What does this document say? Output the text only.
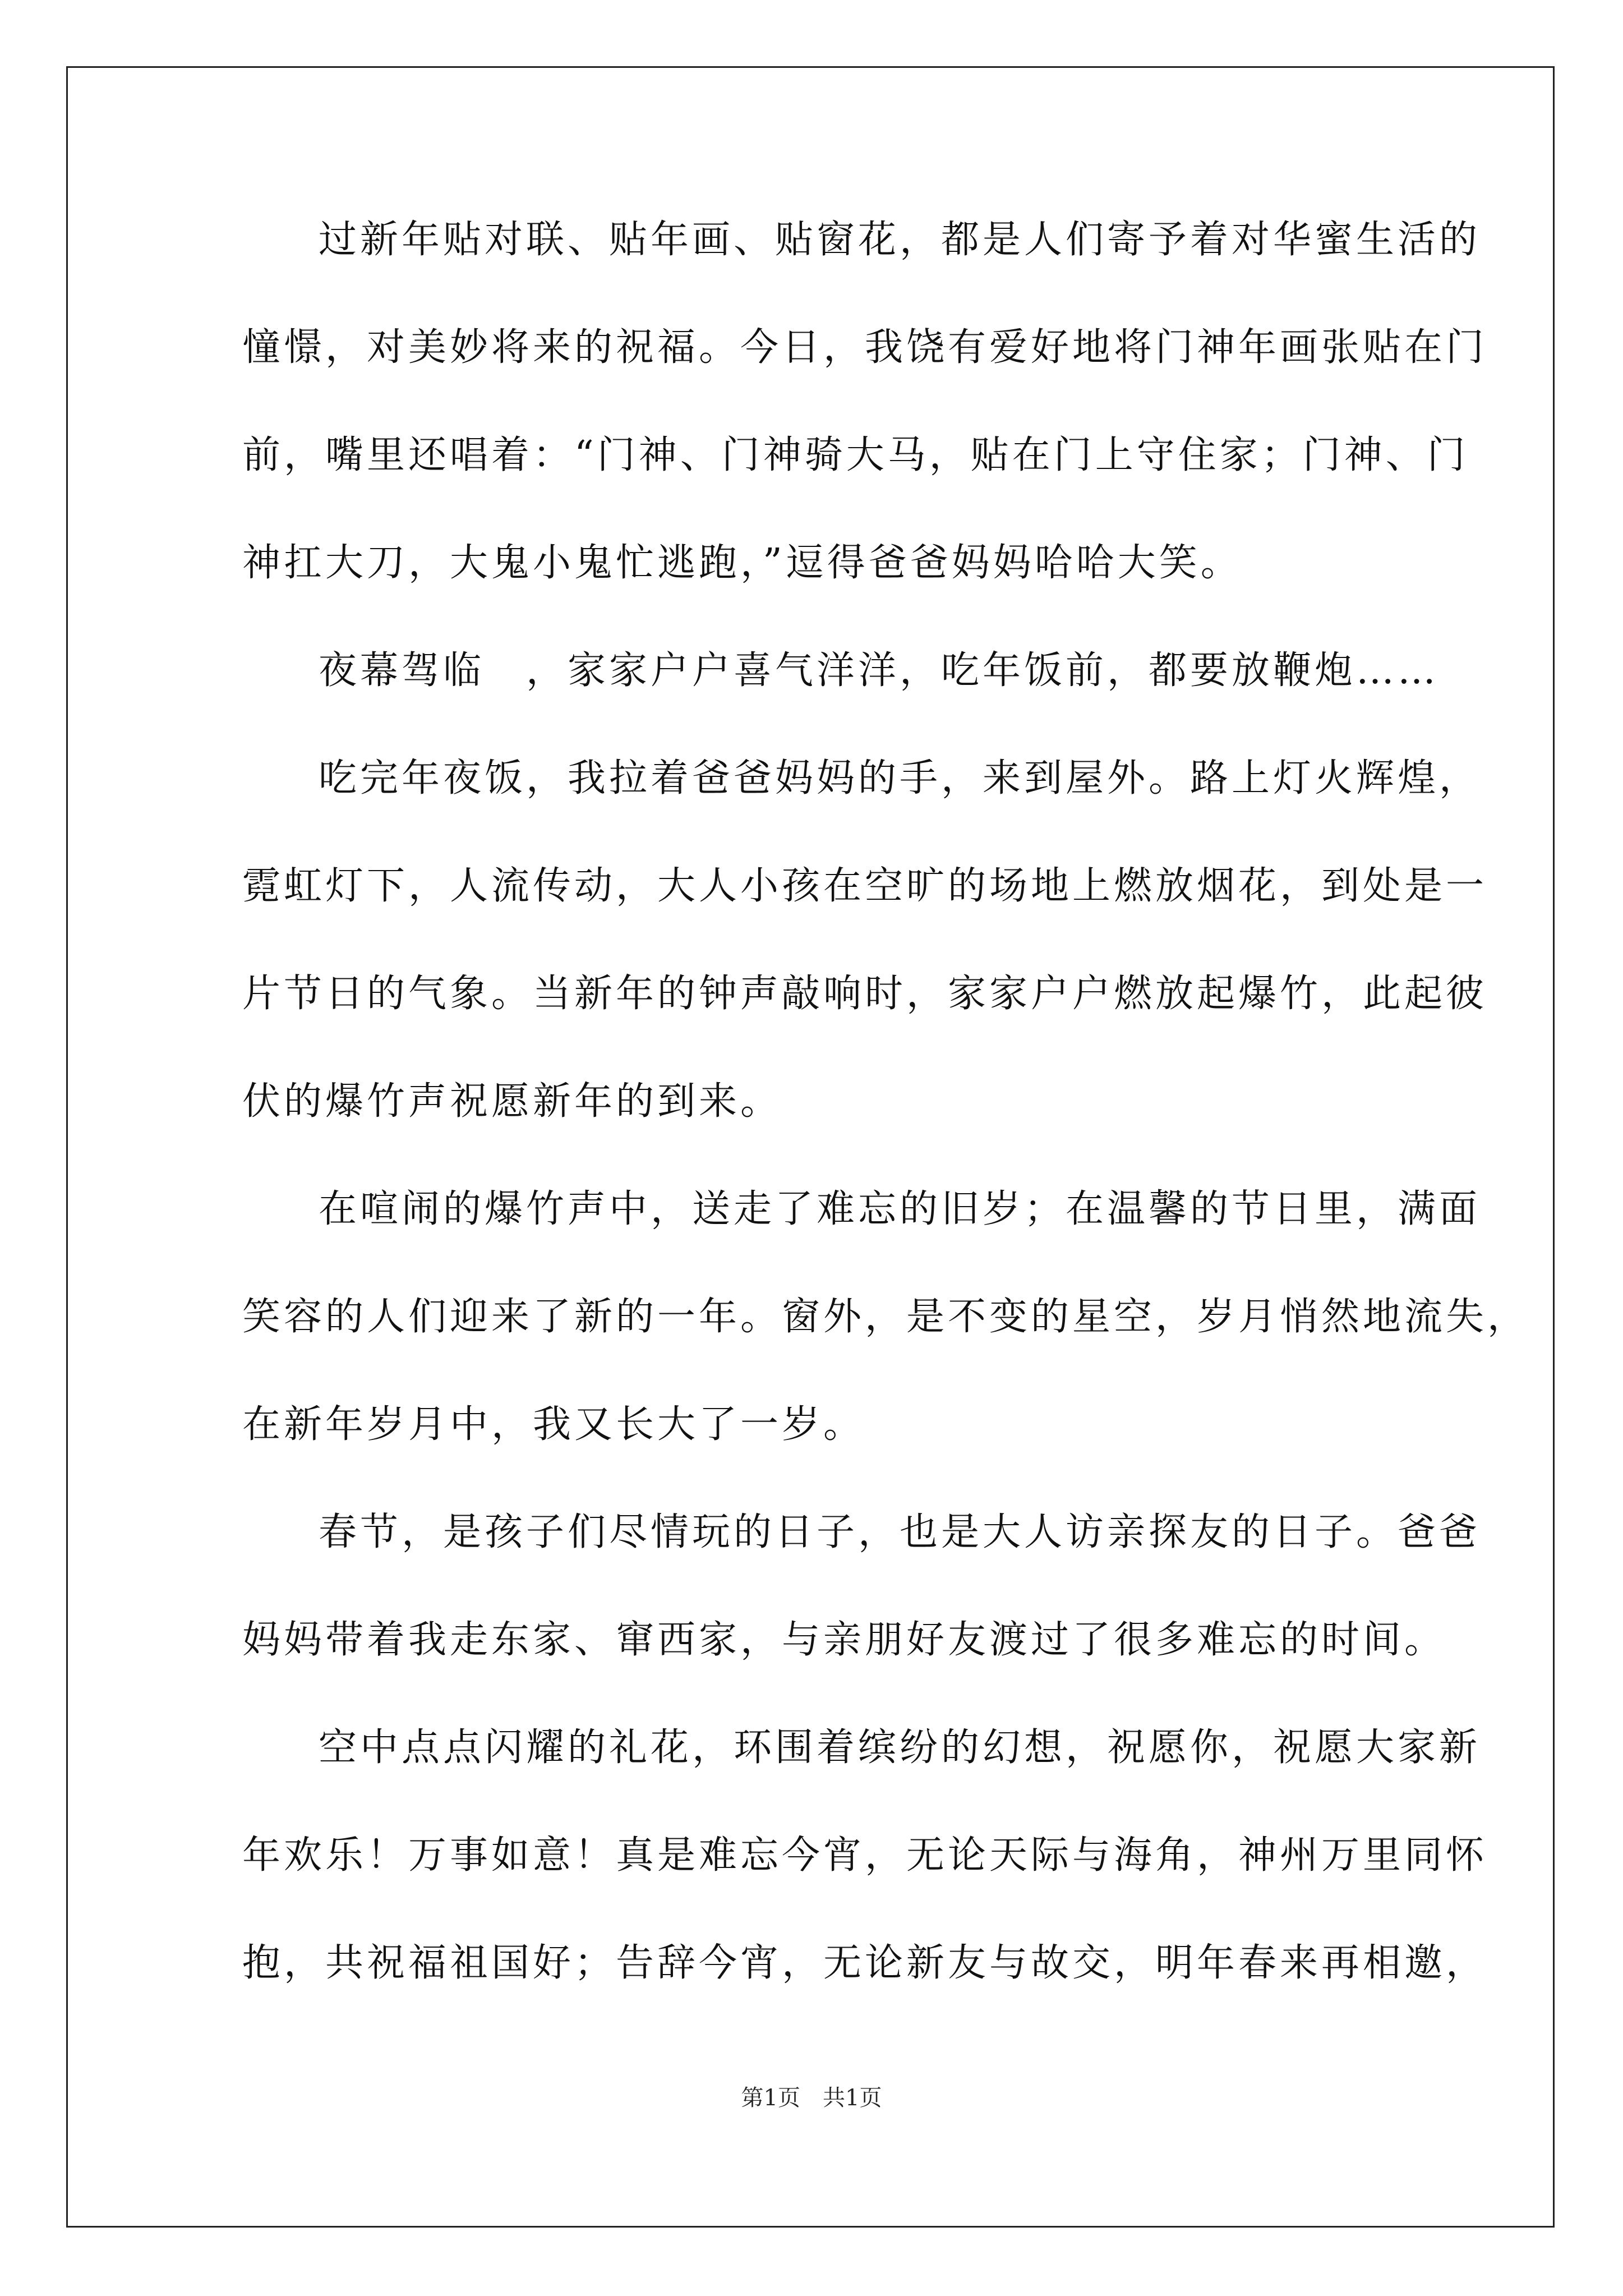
过新年贴对联、贴年画、贴窗花，都是人们寄予着对华蜜生活的
憧憬，对美妙将来的祝福。今日，我饶有爱好地将门神年画张贴在门
前，嘴里还唱着：“门神、门神骑大马，贴在门上守住家；门神、门
神扛大刀，大鬼小鬼忙逃跑，”逗得爸爸妈妈哈哈大笑。
夜幕驾临　，家家户户喜气洋洋，吃年饭前，都要放鞭炮……
吃完年夜饭，我拉着爸爸妈妈的手，来到屋外。路上灯火辉煌，
霓虹灯下，人流传动，大人小孩在空旷的场地上燃放烟花，到处是一
片节日的气象。当新年的钟声敲响时，家家户户燃放起爆竹，此起彼
伏的爆竹声祝愿新年的到来。
在喧闹的爆竹声中，送走了难忘的旧岁；在温馨的节日里，满面
笑容的人们迎来了新的一年。窗外，是不变的星空，岁月悄然地流失，
在新年岁月中，我又长大了一岁。
春节，是孩子们尽情玩的日子，也是大人访亲探友的日子。爸爸
妈妈带着我走东家、窜西家，与亲朋好友渡过了很多难忘的时间。
空中点点闪耀的礼花，环围着缤纷的幻想，祝愿你，祝愿大家新
年欢乐！万事如意！真是难忘今宵，无论天际与海角，神州万里同怀
抱，共祝福祖国好；告辞今宵，无论新友与故交，明年春来再相邀，
第1页　共1页
